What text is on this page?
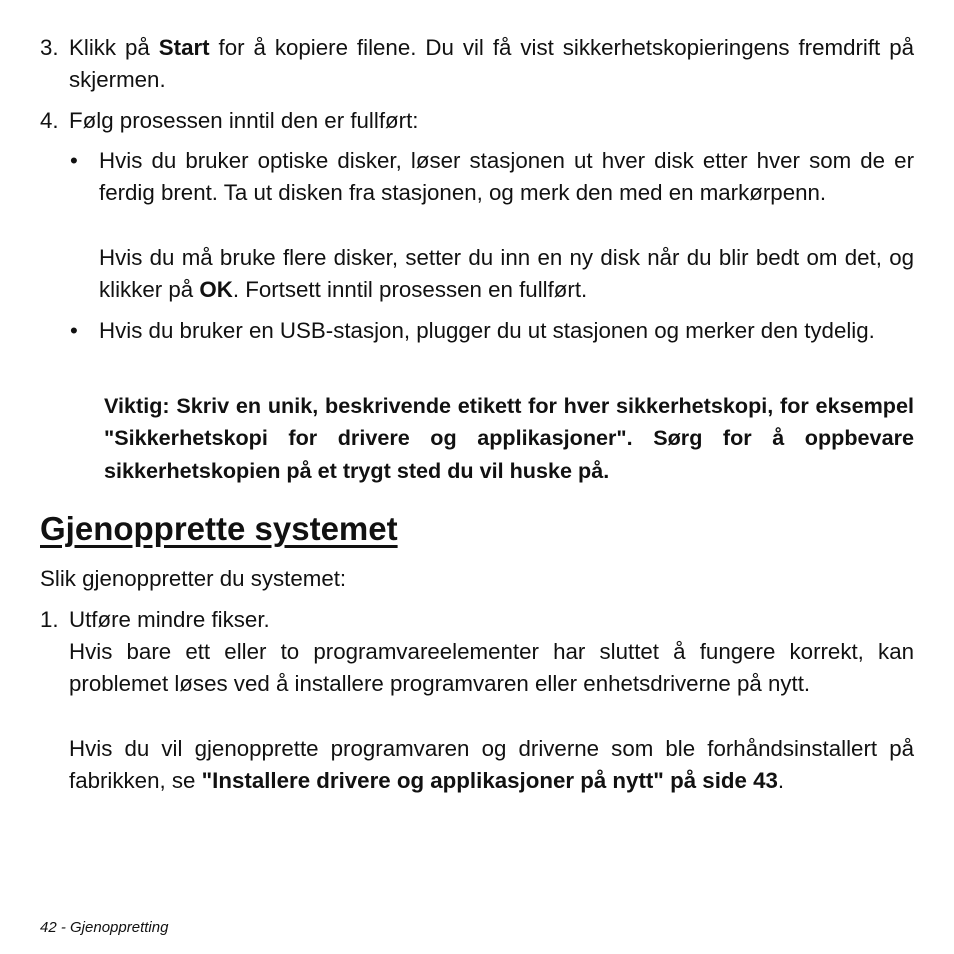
3. Klikk på Start for å kopiere filene. Du vil få vist sikkerhetskopieringens fremdrift på skjermen.

4. Følg prosessen inntil den er fullført:

• Hvis du bruker optiske disker, løser stasjonen ut hver disk etter hver som de er ferdig brent. Ta ut disken fra stasjonen, og merk den med en markørpenn.

Hvis du må bruke flere disker, setter du inn en ny disk når du blir bedt om det, og klikker på OK. Fortsett inntil prosessen en fullført.

• Hvis du bruker en USB-stasjon, plugger du ut stasjonen og merker den tydelig.

Viktig: Skriv en unik, beskrivende etikett for hver sikkerhetskopi, for eksempel "Sikkerhetskopi for drivere og applikasjoner". Sørg for å oppbevare sikkerhetskopien på et trygt sted du vil huske på.

Gjenopprette systemet

Slik gjenoppretter du systemet:

1. Utføre mindre fikser.

Hvis bare ett eller to programvareelementer har sluttet å fungere korrekt, kan problemet løses ved å installere programvaren eller enhetsdriverne på nytt.

Hvis du vil gjenopprette programvaren og driverne som ble forhåndsinstallert på fabrikken, se "Installere drivere og applikasjoner på nytt" på side 43.

42 - Gjenoppretting
